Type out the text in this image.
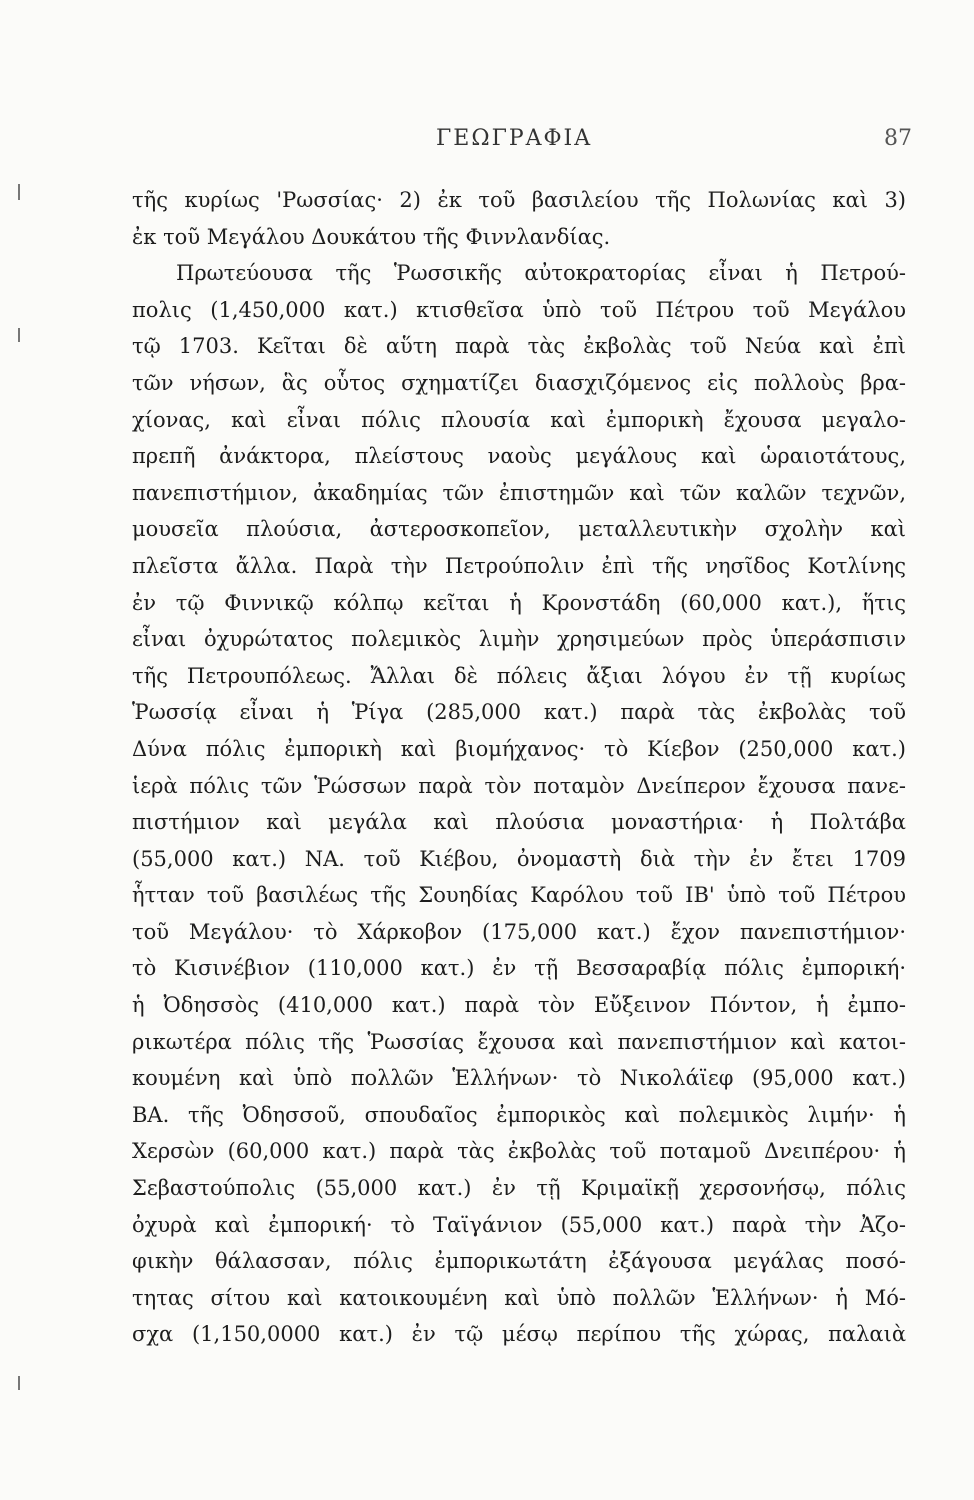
ΓΕΩΓΡΑΦΙΑ	87
τῆς κυρίως 'Ρωσσίας· 2) ἐκ τοῦ βασιλείου τῆς Πολωνίας καὶ 3)
ἐκ τοῦ Μεγάλου Δουκάτου τῆς Φιννλανδίας.
Πρωτεύουσα τῆς Ῥωσσικῆς αὐτοκρατορίας εἶναι ἡ Πετρού-
πολις (1,450,000 κατ.) κτισθεῖσα ὑπὸ τοῦ Πέτρου τοῦ Μεγάλου
τῷ 1703. Κεῖται δὲ αὕτη παρὰ τὰς ἐκβολὰς τοῦ Νεύα καὶ ἐπὶ
τῶν νήσων, ἃς οὗτος σχηματίζει διασχιζόμενος εἰς πολλοὺς βρα-
χίονας, καὶ εἶναι πόλις πλουσία καὶ ἐμπορικὴ ἔχουσα μεγαλο-
πρεπῆ ἀνάκτορα, πλείστους ναοὺς μεγάλους καὶ ὡραιοτάτους,
πανεπιστήμιον, ἀκαδημίας τῶν ἐπιστημῶν καὶ τῶν καλῶν τεχνῶν,
μουσεῖα πλούσια, ἀστεροσκοπεῖον, μεταλλευτικὴν σχολὴν καὶ
πλεῖστα ἄλλα. Παρὰ τὴν Πετρούπολιν ἐπὶ τῆς νησῖδος Κοτλίνης
ἐν τῷ Φιννικῷ κόλπῳ κεῖται ἡ Κρονστάδη (60,000 κατ.), ἥτις
εἶναι ὀχυρώτατος πολεμικὸς λιμὴν χρησιμεύων πρὸς ὑπεράσπισιν
τῆς Πετρουπόλεως. Ἄλλαι δὲ πόλεις ἄξιαι λόγου ἐν τῇ κυρίως
Ῥωσσίᾳ εἶναι ἡ Ῥίγα (285,000 κατ.) παρὰ τὰς ἐκβολὰς τοῦ
Δύνα πόλις ἐμπορικὴ καὶ βιομήχανος· τὸ Κίεβον (250,000 κατ.)
ἱερὰ πόλις τῶν Ῥώσσων παρὰ τὸν ποταμὸν Δνείπερον ἔχουσα πανε-
πιστήμιον καὶ μεγάλα καὶ πλούσια μοναστήρια· ἡ Πολτάβα
(55,000 κατ.) ΝΑ. τοῦ Κιέβου, ὀνομαστὴ διὰ τὴν ἐν ἔτει 1709
ἧτταν τοῦ βασιλέως τῆς Σουηδίας Καρόλου τοῦ ΙΒ' ὑπὸ τοῦ Πέτρου
τοῦ Μεγάλου· τὸ Χάρκοβον (175,000 κατ.) ἔχον πανεπιστήμιον·
τὸ Κισινέβιον (110,000 κατ.) ἐν τῇ Βεσσαραβίᾳ πόλις ἐμπορική·
ἡ Ὀδησσὸς (410,000 κατ.) παρὰ τὸν Εὔξεινον Πόντον, ἡ ἐμπο-
ρικωτέρα πόλις τῆς Ῥωσσίας ἔχουσα καὶ πανεπιστήμιον καὶ κατοι-
κουμένη καὶ ὑπὸ πολλῶν Ἑλλήνων· τὸ Νικολάϊεφ (95,000 κατ.)
ΒΑ. τῆς Ὀδησσοῦ, σπουδαῖος ἐμπορικὸς καὶ πολεμικὸς λιμήν· ἡ
Χερσὼν (60,000 κατ.) παρὰ τὰς ἐκβολὰς τοῦ ποταμοῦ Δνειπέρου· ἡ
Σεβαστούπολις (55,000 κατ.) ἐν τῇ Κριμαϊκῇ χερσονήσῳ, πόλις
ὀχυρὰ καὶ ἐμπορική· τὸ Ταϊγάνιον (55,000 κατ.) παρὰ τὴν Ἀζο-
φικὴν θάλασσαν, πόλις ἐμπορικωτάτη ἐξάγουσα μεγάλας ποσό-
τητας σίτου καὶ κατοικουμένη καὶ ὑπὸ πολλῶν Ἑλλήνων· ἡ Μό-
σχα (1,150,0000 κατ.) ἐν τῷ μέσῳ περίπου τῆς χώρας, παλαιὰ
